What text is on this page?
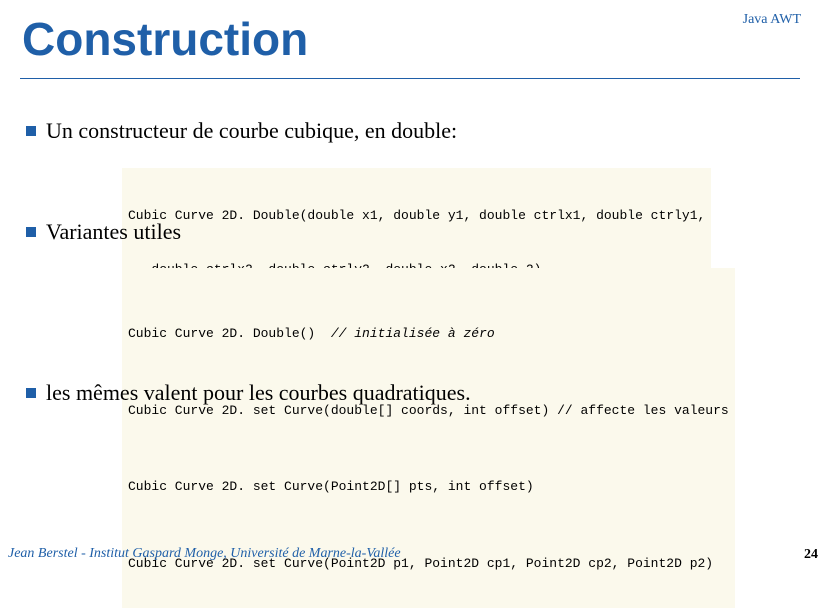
Construction	Java AWT
Un constructeur de courbe cubique, en double:

Cubic Curve 2D. Double(double x1, double y1, double ctrlx1, double ctrly1,

Variantes utiles

Cubic Curve 2D. Double()  // initialisée à zéro

Cubic Curve 2D. set Curve(double[] coords, int offset) // affecte les valeurs

Cubic Curve 2D. set Curve(Point2D[] pts, int offset)

Cubic Curve 2D. set Curve(Point2D p1, Point2D cp1, Point2D cp2, Point2D p2)

les mêmes valent pour les courbes quadratiques.
Jean Berstel - Institut Gaspard Monge, Université de Marne-la-Vallée	24
